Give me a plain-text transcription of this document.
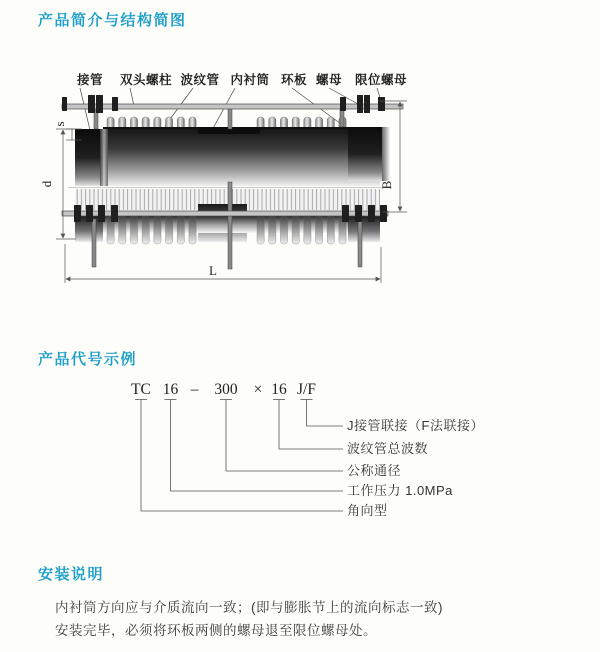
产品简介与结构简图
接管 双头螺柱 波纹管 内衬筒 环板 螺母 限位螺母
s
d	B
L
产品代号示例
TC 16 – 300 × 16 J/F
J接管联接（F法联接）
波纹管总波数
公称通径
工作压力 1.0MPa
角向型
安装说明

内衬筒方向应与介质流向一致；(即与膨胀节上的流向标志一致)

安装完毕，必须将环板两侧的螺母退至限位螺母处。
